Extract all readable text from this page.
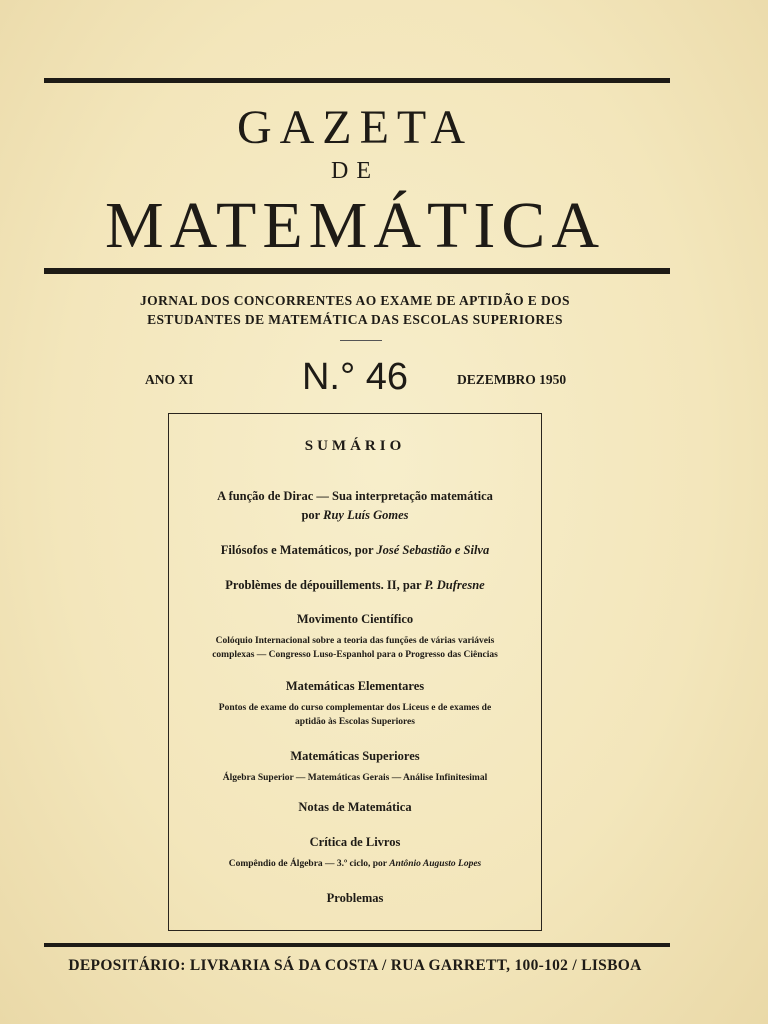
GAZETA
DE
MATEMÁTICA
JORNAL DOS CONCORRENTES AO EXAME DE APTIDÃO E DOS
ESTUDANTES DE MATEMÁTICA DAS ESCOLAS SUPERIORES
ANO XI	N.° 46	DEZEMBRO 1950
SUMÁRIO
A função de Dirac — Sua interpretação matemática
por Ruy Luís Gomes
Filósofos e Matemáticos, por José Sebastião e Silva
Problèmes de dépouillements. II, par P. Dufresne
Movimento Científico
Colóquio Internacional sobre a teoria das funções de várias variáveis
complexas — Congresso Luso-Espanhol para o Progresso das Ciências
Matemáticas Elementares
Pontos de exame do curso complementar dos Liceus e de exames de
aptidão às Escolas Superiores
Matemáticas Superiores
Álgebra Superior — Matemáticas Gerais — Análise Infinitesimal
Notas de Matemática
Crítica de Livros
Compêndio de Álgebra — 3.º ciclo, por Antônio Augusto Lopes
Problemas
DEPOSITÁRIO: LIVRARIA SÁ DA COSTA / RUA GARRETT, 100-102 / LISBOA
